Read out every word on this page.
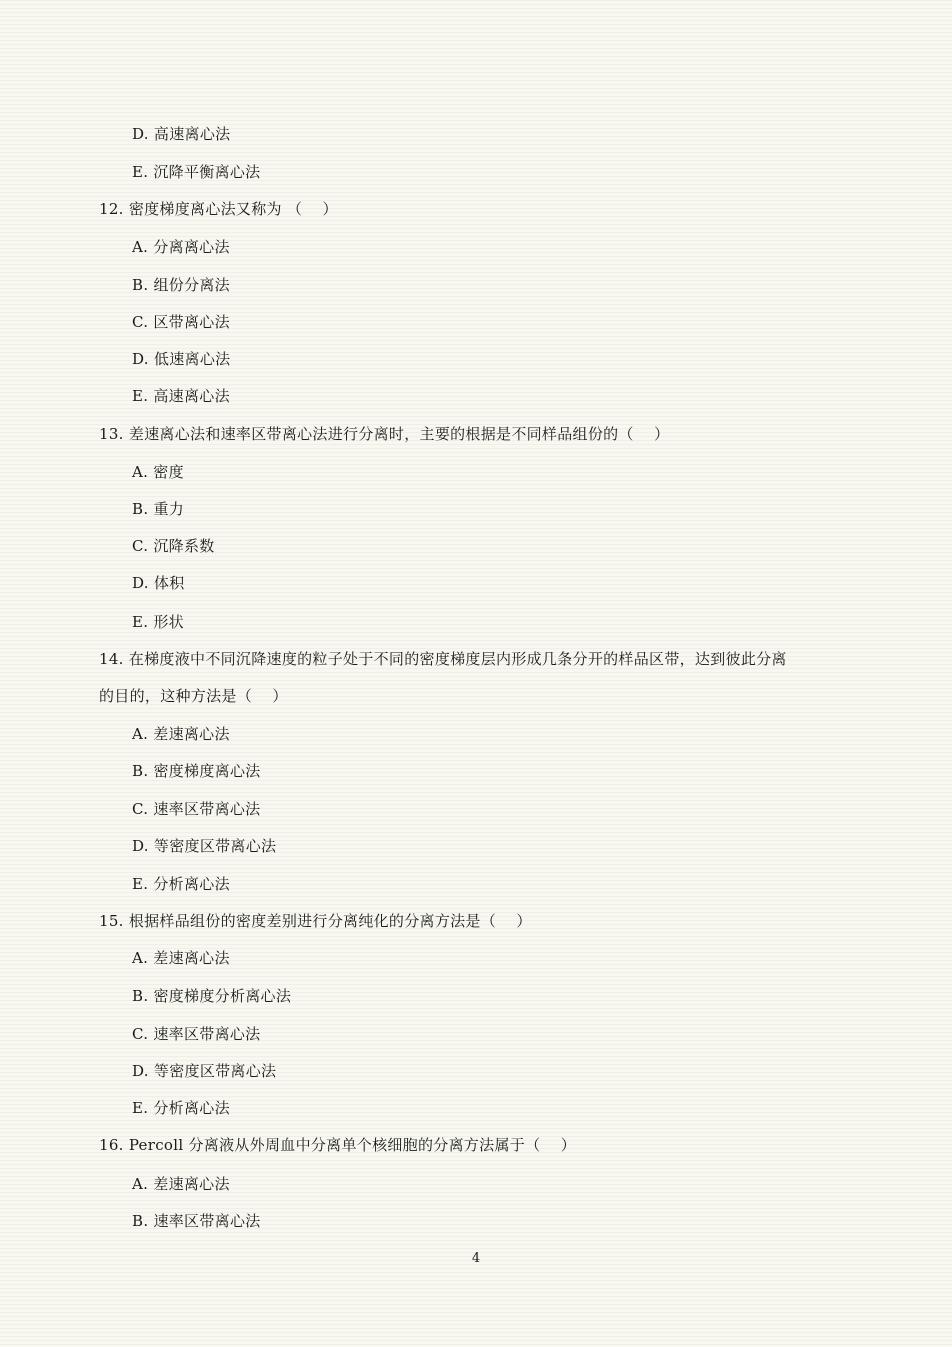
D. 高速离心法
E. 沉降平衡离心法
12. 密度梯度离心法又称为 （　 ）
A. 分离离心法
B. 组份分离法
C. 区带离心法
D. 低速离心法
E. 高速离心法
13. 差速离心法和速率区带离心法进行分离时，主要的根据是不同样品组份的（　 ）
A. 密度
B. 重力
C. 沉降系数
D. 体积
E. 形状
14. 在梯度液中不同沉降速度的粒子处于不同的密度梯度层内形成几条分开的样品区带，达到彼此分离
的目的，这种方法是（　 ）
A. 差速离心法
B. 密度梯度离心法
C. 速率区带离心法
D. 等密度区带离心法
E. 分析离心法
15. 根据样品组份的密度差别进行分离纯化的分离方法是（　 ）
A. 差速离心法
B. 密度梯度分析离心法
C. 速率区带离心法
D. 等密度区带离心法
E. 分析离心法
16. Percoll 分离液从外周血中分离单个核细胞的分离方法属于（　 ）
A. 差速离心法
B. 速率区带离心法
4
